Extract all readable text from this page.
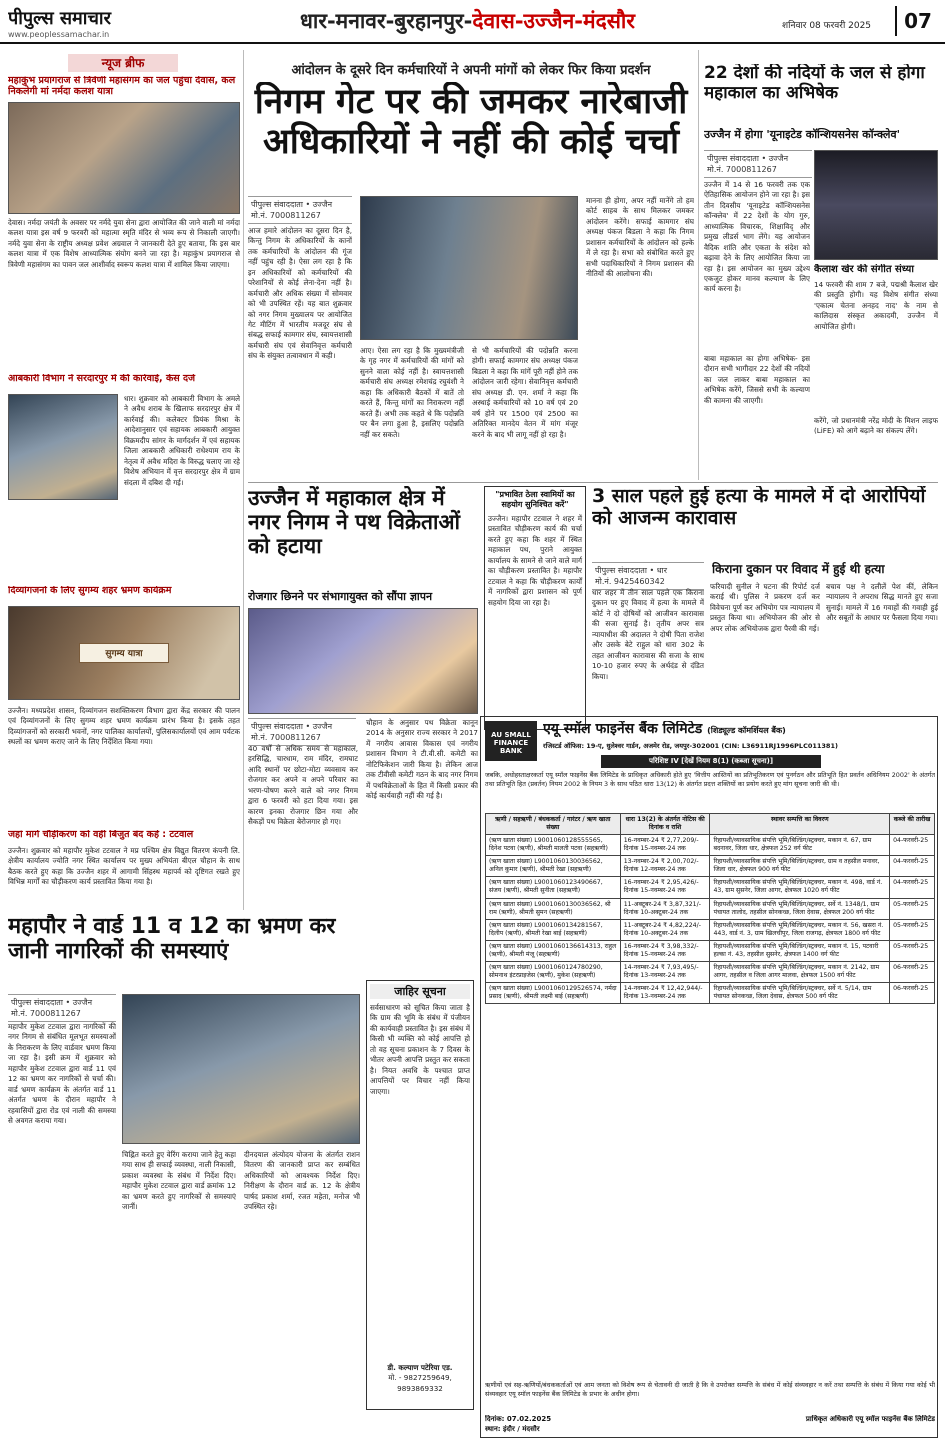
पीपुल्स समाचार
www.peoplessamachar.in
धार-मनावर-बुरहानपुर-देवास-उज्जैन-मंदसौर	शनिवार 08 फरवरी 2025	07
न्यूज ब्रीफ
महाकुंभ प्रयागराज से त्रिवेणी महासंगम का जल पहुंचा देवास, कल निकलेगी मां नर्मदा कलश यात्रा
देवास। नर्मदा जयंती के अवसर पर नर्मदे युवा सेना द्वारा आयोजित की जाने वाली मां नर्मदा कलश यात्रा इस वर्ष 9 फरवरी को महात्मा स्मृति मंदिर से भव्य रूप से निकाली जाएगी। नर्मदे युवा सेना के राष्ट्रीय अध्यक्ष प्रवेश अग्रवाल ने जानकारी देते हुए बताया, कि इस बार कलश यात्रा में एक विशेष आध्यात्मिक संयोग बनने जा रहा है। महाकुंभ प्रयागराज से त्रिवेणी महासंगम का पावन जल आशीर्वाद स्वरूप कलश यात्रा में शामिल किया जाएगा।
आबकारी विभाग ने सरदारपुर में की कार्रवाई, केस दर्ज
धार। शुक्रवार को आबकारी विभाग के अमले ने अवैध शराब के खिलाफ सरदारपुर क्षेत्र में कार्रवाई की। कलेक्टर प्रियंक मिश्रा के आदेशानुसार एवं सहायक आबकारी आयुक्त विक्रमदीप सांगर के मार्गदर्शन में एवं सहायक जिला आबकारी अधिकारी राधेश्याम राय के नेतृत्व में अवैध मदिरा के विरुद्ध चलाए जा रहे विशेष अभियान में वृत्त सरदारपुर क्षेत्र में ग्राम संदला में दबिश दी गई।
दिव्यांगजनों के लिए सुगम्य शहर भ्रमण कार्यक्रम
सुगम्य यात्रा
उज्जैन। मध्यप्रदेश शासन, दिव्यांगजन सशक्तिकरण विभाग द्वारा केंद्र सरकार की पालन एवं दिव्यांगजनों के लिए सुगम्य शहर भ्रमण कार्यक्रम प्रारंभ किया है। इसके तहत दिव्यांगजनों को सरकारी भवनों, नगर पालिका कार्यालयों, पुलिसकार्यालयों एवं आम पर्यटक स्थलों का भ्रमण कराए जाने के लिए निर्देशित किया गया।
जहां मार्ग चौड़ीकरण को वहीं बिजुत बंद कहें : टटवाल
उज्जैन। शुक्रवार को महापौर मुकेश टटवाल ने मप्र पश्चिम क्षेत्र विद्युत वितरण कंपनी लि. क्षेत्रीय कार्यालय ज्योति नगर स्थित कार्यालय पर मुख्य अभियंता बीएल चौहान के साथ बैठक करते हुए कहा कि उज्जैन शहर में आगामी सिंहस्थ महापर्व को दृष्टिगत रखते हुए विभिन्न मार्गों का चौड़ीकरण कार्य प्रस्तावित किया गया है।
आंदोलन के दूसरे दिन कर्मचारियों ने अपनी मांगों को लेकर फिर किया प्रदर्शन
निगम गेट पर की जमकर नारेबाजी अधिकारियों ने नहीं की कोई चर्चा
पीपुल्स संवाददाता • उज्जैन
मो.नं. 7000811267
आज हमारे आंदोलन का दूसरा दिन है, किन्तु निगम के अधिकारियों के कानों तक कर्मचारियों के आंदोलन की गूंज नहीं पहुंच रही है। ऐसा लग रहा है कि इन अधिकारियों को कर्मचारियों की परेशानियों से कोई लेना-देना नहीं है। कर्मचारी और अधिक संख्या में सोमवार को भी उपस्थित रहें। यह बात शुक्रवार को नगर निगम मुख्यालय पर आयोजित गेट मीटिंग में भारतीय मजदूर संघ से संबद्ध सफाई कामगार संघ, स्वायत्तशासी कर्मचारी संघ एवं सेवानिवृत्त कर्मचारी संघ के संयुक्त तत्वावधान में कही।
आए। ऐसा लग रहा है कि मुख्यमंत्रीजी के गृह नगर में कर्मचारियों की मांगों को सुनने वाला कोई नहीं है। स्वायत्तशासी कर्मचारी संघ अध्यक्ष रमेशचंद्र रघुवंशी ने कहा कि अधिकारी बैठकों में बातें तो करते हैं, किन्तु मांगों का निराकरण नहीं करते हैं। अभी तक कहते थे कि पदोन्नति पर बैन लगा हुआ है, इसलिए पदोन्नति नहीं कर सकते।
से भी कर्मचारियों की पदोन्नति करना होगी। सफाई कामगार संघ अध्यक्ष पंकज बिडला ने कहा कि मांगें पूरी नहीं होने तक आंदोलन जारी रहेगा। सेवानिवृत्त कर्मचारी संघ अध्यक्ष डी. एन. शर्मा ने कहा कि अस्थाई कर्मचारियों को 10 वर्ष एवं 20 वर्ष होने पर 1500 एवं 2500 का अतिरिक्त मानदेय वेतन में मांग मंजूर करने के बाद भी लागू नहीं हो रहा है।
मानना ही होगा, अपर नहीं मानेंगे तो हम कोर्ट साहब के साथ मिलकर जमकर आंदोलन करेंगे। सफाई कामगार संघ अध्यक्ष पंकज बिडला ने कहा कि निगम प्रशासन कर्मचारियों के आंदोलन को हल्के में ले रहा है। सभा को संबोधित करते हुए सभी पदाधिकारियों ने निगम प्रशासन की नीतियों की आलोचना की।
22 देशों की नदियों के जल से होगा महाकाल का अभिषेक
उज्जैन में होगा 'यूनाइटेड कॉन्शियसनेस कॉन्क्लेव'
पीपुल्स संवाददाता • उज्जैन
मो.नं. 7000811267
उज्जैन में 14 से 16 फरवरी तक एक ऐतिहासिक आयोजन होने जा रहा है। इस तीन दिवसीय 'यूनाइटेड कॉन्शियसनेस कॉन्क्लेव' में 22 देशों के योग गुरु, आध्यात्मिक विचारक, शिक्षाविद् और प्रमुख लीडर्स भाग लेंगे। यह आयोजन वैदिक शांति और एकता के संदेश को बढ़ावा देने के लिए आयोजित किया जा रहा है। इस आयोजन का मुख्य उद्देश्य एकजुट होकर मानव कल्याण के लिए कार्य करना है।
बाबा महाकाल का होगा अभिषेक- इस दौरान सभी भागीदार 22 देशों की नदियों का जल लाकर बाबा महाकाल का अभिषेक करेंगे, जिससे सभी के कल्याण की कामना की जाएगी।
कैलाश खेर की संगीत संध्या
14 फरवरी की शाम 7 बजे, पद्मश्री कैलाश खेर की प्रस्तुति होगी। यह विशेष संगीत संध्या 'एकात्म चेतना अनहद नाद' के नाम से कालिदास संस्कृत अकादमी, उज्जैन में आयोजित होगी।
करेंगे, जो प्रधानमंत्री नरेंद्र मोदी के मिशन लाइफ (LiFE) को आगे बढ़ाने का संकल्प लेंगे।
उज्जैन में महाकाल क्षेत्र में नगर निगम ने पथ विक्रेताओं को हटाया
रोजगार छिनने पर संभागायुक्त को सौंपा ज्ञापन
पीपुल्स संवाददाता • उज्जैन
मो.नं. 7000811267
40 वर्षों से अधिक समय से महाकाल, हरसिद्धि, चारधाम, राम मंदिर, रामघाट आदि स्थानों पर छोटा-मोटा व्यवसाय कर रोजगार कर अपने व अपने परिवार का भरण-पोषण करने वाले को नगर निगम द्वारा 6 फरवरी को हटा दिया गया। इस कारण इनका रोजगार छिन गया और सैकड़ों पथ विक्रेता बेरोजगार हो गए।
चौहान के अनुसार पथ विक्रेता कानून 2014 के अनुसार राज्य सरकार ने 2017 में नगरीय आवास विकास एवं नगरीय प्रशासन विभाग ने टी.वी.सी. कमेटी का नोटिफिकेशन जारी किया है। लेकिन आज तक टीवीसी कमेटी गठन के बाद नगर निगम में पथविक्रेताओं के हित में किसी प्रकार की कोई कार्यवाही नहीं की गई है।
"प्रभावित ठेला स्वामियों का सहयोग सुनिश्चित करें"
उज्जैन। महापौर टटवाल ने शहर में प्रस्तावित चौड़ीकरण कार्य की चर्चा करते हुए कहा कि शहर में स्थित महाकाल पथ, पुराने आयुक्त कार्यालय के सामने से जाने वाले मार्ग का चौड़ीकरण प्रस्तावित है। महापौर टटवाल ने कहा कि चौड़ीकरण कार्यों में नागरिकों द्वारा प्रशासन को पूर्ण सहयोग दिया जा रहा है।
3 साल पहले हुई हत्या के मामले में दो आरोपियों को आजन्म कारावास
किराना दुकान पर विवाद में हुई थी हत्या
पीपुल्स संवाददाता • धार
मो.नं. 9425460342
धार शहर में तीन साल पहले एक किराना दुकान पर हुए विवाद में हत्या के मामले में कोर्ट ने दो दोषियों को आजीवन कारावास की सजा सुनाई है। तृतीय अपर सत्र न्यायाधीश की अदालत ने दोषी पिता राजेश और उसके बेटे राहुल को धारा 302 के तहत आजीवन कारावास की सजा के साथ 10-10 हजार रुपए के अर्थदंड से दंडित किया।
फरियादी सुनील ने घटना की रिपोर्ट दर्ज कराई थी। पुलिस ने प्रकरण दर्ज कर विवेचना पूर्ण कर अभियोग पत्र न्यायालय में प्रस्तुत किया था। अभियोजन की ओर से अपर लोक अभियोजक द्वारा पैरवी की गई।
बचाव पक्ष ने दलीलें पेश कीं, लेकिन न्यायालय ने अपराध सिद्ध मानते हुए सजा सुनाई। मामले में 16 गवाहों की गवाही हुई और सबूतों के आधार पर फैसला दिया गया।
AU SMALL FINANCE BANK
एयू स्मॉल फाइनेंस बैंक लिमिटेड (शिड्यूल्ड कॉमर्शियल बैंक)
रजिस्टर्ड ऑफिस: 19-ए, धुलेश्वर गार्डन, अजमेर रोड, जयपुर-302001 (CIN: L36911RJ1996PLC011381)
परिशिष्ट IV [देखें नियम 8(1) (कब्जा सूचना)]
जबकि, अधोहस्ताक्षरकर्ता एयू स्मॉल फाइनेंस बैंक लिमिटेड के प्राधिकृत अधिकारी होते हुए 'वित्तीय आस्तियों का प्रतिभूतिकरण एवं पुनर्गठन और प्रतिभूति हित प्रवर्तन अधिनियम 2002' के अंतर्गत तथा प्रतिभूति हित (प्रवर्तन) नियम 2002 के नियम 3 के साथ पठित धारा 13(12) के अंतर्गत प्रदत्त शक्तियों का प्रयोग करते हुए मांग सूचना जारी की थी।
ऋणी / सहऋणी / बंधककर्ता / गारंटर / ऋण खाता संख्या	धारा 13(2) के अंतर्गत नोटिस की दिनांक व राशि	स्थावर सम्पत्ति का विवरण	कब्जे की तारीख
(ऋण खाता संख्या) L9001060128555565, दिनेश पटवा (ऋणी), श्रीमती मालती पटवा (सहऋणी)	16-नवम्बर-24 ₹ 2,77,209/- दिनांक 15-नवम्बर-24 तक	रिहायशी/व्यावसायिक संपत्ति भूमि/बिल्डिंग/स्ट्रक्चर, मकान नं. 67, ग्राम बदनावर, जिला धार, क्षेत्रफल 252 वर्ग फीट	04-फरवरी-25
(ऋण खाता संख्या) L9001060130036562, अनिल कुमार (ऋणी), श्रीमती रेखा (सहऋणी)	13-नवम्बर-24 ₹ 2,00,702/- दिनांक 12-नवम्बर-24 तक	रिहायशी/व्यावसायिक संपत्ति भूमि/बिल्डिंग/स्ट्रक्चर, ग्राम व तहसील मनावर, जिला धार, क्षेत्रफल 900 वर्ग फीट	04-फरवरी-25
(ऋण खाता संख्या) L9001060123490667, संजय (ऋणी), श्रीमती सुनीता (सहऋणी)	16-नवम्बर-24 ₹ 2,95,426/- दिनांक 15-नवम्बर-24 तक	रिहायशी/व्यावसायिक संपत्ति भूमि/बिल्डिंग/स्ट्रक्चर, मकान नं. 498, वार्ड नं. 43, ग्राम सुसनेर, जिला आगर, क्षेत्रफल 1020 वर्ग फीट	04-फरवरी-25
(ऋण खाता संख्या) L9001060130036562, श्री राम (ऋणी), श्रीमती सुमन (सहऋणी)	11-अक्टूबर-24 ₹ 3,87,321/- दिनांक 10-अक्टूबर-24 तक	रिहायशी/व्यावसायिक संपत्ति भूमि/बिल्डिंग/स्ट्रक्चर, सर्वे नं. 1348/1, ग्राम पंचायत तालोद, तहसील सोनकच्छ, जिला देवास, क्षेत्रफल 200 वर्ग फीट	05-फरवरी-25
(ऋण खाता संख्या) L9001060134281567, दिलीप (ऋणी), श्रीमती रेखा बाई (सहऋणी)	11-अक्टूबर-24 ₹ 4,82,224/- दिनांक 10-अक्टूबर-24 तक	रिहायशी/व्यावसायिक संपत्ति भूमि/बिल्डिंग/स्ट्रक्चर, मकान नं. 56, खसरा नं. 443, वार्ड नं. 3, ग्राम खिलचीपुर, जिला राजगढ़, क्षेत्रफल 1800 वर्ग फीट	05-फरवरी-25
(ऋण खाता संख्या) L9001060136614313, राहुल (ऋणी), श्रीमती मंजू (सहऋणी)	16-नवम्बर-24 ₹ 3,98,332/- दिनांक 15-नवम्बर-24 तक	रिहायशी/व्यावसायिक संपत्ति भूमि/बिल्डिंग/स्ट्रक्चर, मकान नं. 15, पटवारी हल्का नं. 43, तहसील सुसनेर, क्षेत्रफल 1400 वर्ग फीट	05-फरवरी-25
(ऋण खाता संख्या) L9001060124780290, सोमनाथ इंटरप्राइजेस (ऋणी), मुकेश (सहऋणी)	14-नवम्बर-24 ₹ 7,93,495/- दिनांक 13-नवम्बर-24 तक	रिहायशी/व्यावसायिक संपत्ति भूमि/बिल्डिंग/स्ट्रक्चर, मकान नं. 2142, ग्राम आगर, तहसील व जिला आगर मालवा, क्षेत्रफल 1500 वर्ग फीट	06-फरवरी-25
(ऋण खाता संख्या) L9001060129526574, नर्मदा प्रसाद (ऋणी), श्रीमती लक्ष्मी बाई (सहऋणी)	14-नवम्बर-24 ₹ 12,42,944/- दिनांक 13-नवम्बर-24 तक	रिहायशी/व्यावसायिक संपत्ति भूमि/बिल्डिंग/स्ट्रक्चर, सर्वे नं. 5/14, ग्राम पंचायत सोनकच्छ, जिला देवास, क्षेत्रफल 500 वर्ग फीट	06-फरवरी-25
ऋणीयों एवं सह-ऋणियों/बंधककर्ताओं एवं आम जनता को विशेष रूप से चेतावनी दी जाती है कि वे उपरोक्त सम्पत्ति के संबंध में कोई संव्यवहार न करें तथा सम्पत्ति के संबंध में किया गया कोई भी संव्यवहार एयू स्मॉल फाइनेंस बैंक लिमिटेड के प्रभार के अधीन होगा।
दिनांक: 07.02.2025
स्थान: इंदौर / मंदसौर
प्राधिकृत अधिकारी एयू स्मॉल फाइनेंस बैंक लिमिटेड
जाहिर सूचना
सर्वसाधारण को सूचित किया जाता है कि ग्राम की भूमि के संबंध में पंजीयन की कार्यवाही प्रस्तावित है। इस संबंध में किसी भी व्यक्ति को कोई आपत्ति हो तो वह सूचना प्रकाशन के 7 दिवस के भीतर अपनी आपत्ति प्रस्तुत कर सकता है। नियत अवधि के पश्चात प्राप्त आपत्तियों पर विचार नहीं किया जाएगा।
डी. कल्याण पटेरिया एड.
मो. - 9827259649, 9893869332
महापौर ने वार्ड 11 व 12 का भ्रमण कर जानी नागरिकों की समस्याएं
पीपुल्स संवाददाता • उज्जैन
मो.नं. 7000811267
महापौर मुकेश टटवाल द्वारा नागरिकों की नगर निगम से संबंधित मूलभूत समस्याओं के निराकरण के लिए वार्डवार भ्रमण किया जा रहा है। इसी क्रम में शुक्रवार को महापौर मुकेश टटवाल द्वारा वार्ड 11 एवं 12 का भ्रमण कर नागरिकों से चर्चा की। वार्ड भ्रमण कार्यक्रम के अंतर्गत वार्ड 11 अंतर्गत भ्रमण के दौरान महापौर ने रहवासियों द्वारा रोड एवं नाली की समस्या से अवगत कराया गया।
चिह्नित करते हुए वेरिंग कराया जाने हेतु कहा गया साथ ही सफाई व्यवस्था, नाली निकासी, प्रकाश व्यवस्था के संबंध में निर्देश दिए। महापौर मुकेश टटवाल द्वारा वार्ड क्रमांक 12 का भ्रमण करते हुए नागरिकों से समस्याएं जानीं।
दीनदयाल अंत्योदय योजना के अंतर्गत राशन वितरण की जानकारी प्राप्त कर सम्बंधित अधिकारियों को आवश्यक निर्देश दिए। निरीक्षण के दौरान वार्ड क्र. 12 के क्षेत्रीय पार्षद प्रकाश शर्मा, रजत महेता, मनोज भी उपस्थित रहे।
